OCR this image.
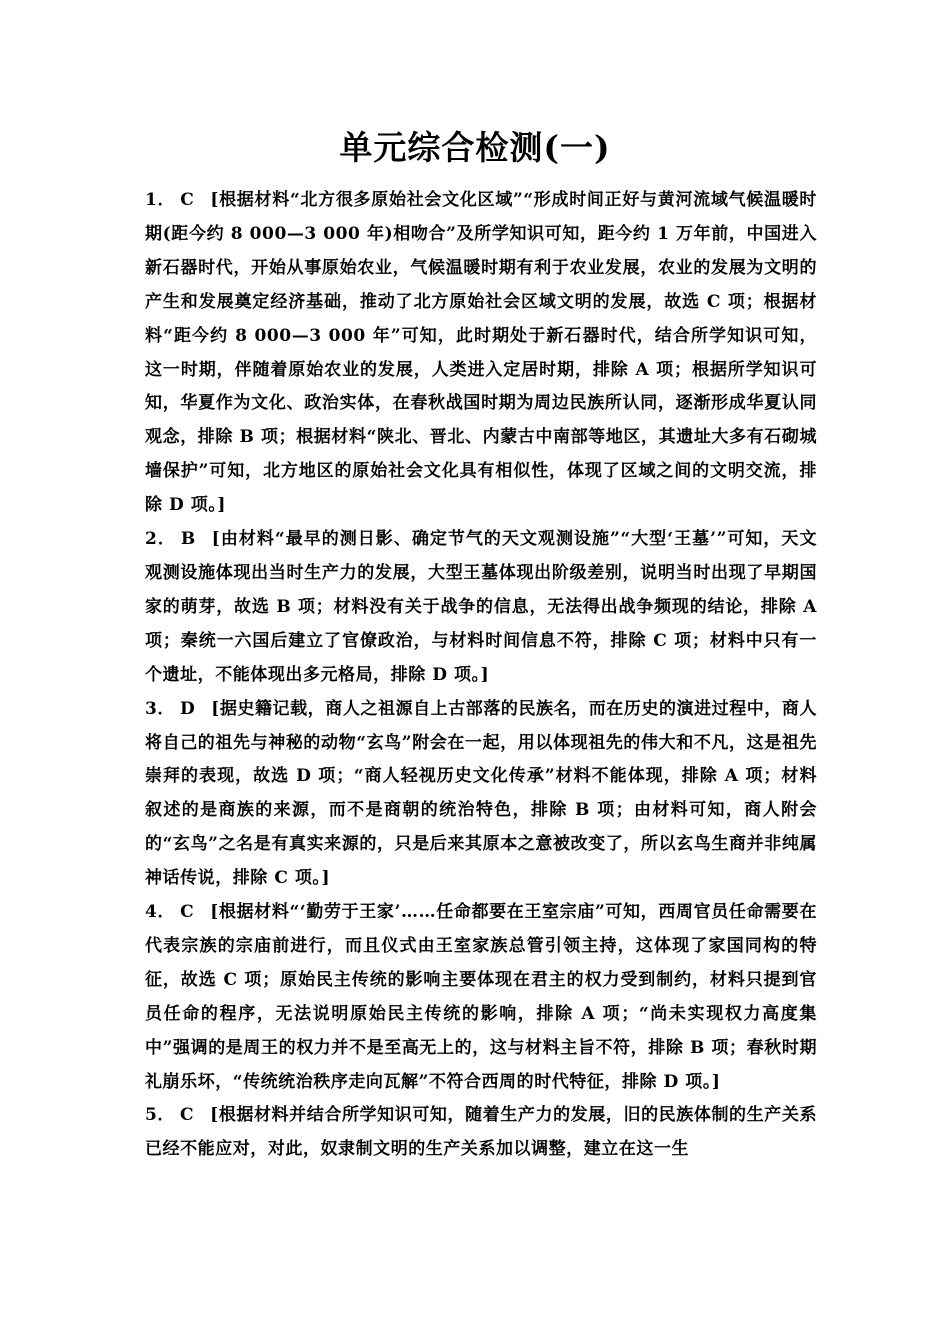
单元综合检测(一)

1． C [根据材料“北方很多原始社会文化区域”“形成时间正好与黄河流域气候温暖时期(距今约 8 000—3 000 年)相吻合”及所学知识可知，距今约 1 万年前，中国进入新石器时代，开始从事原始农业，气候温暖时期有利于农业发展，农业的发展为文明的产生和发展奠定经济基础，推动了北方原始社会区域文明的发展，故选 C 项；根据材料“距今约 8 000—3 000 年”可知，此时期处于新石器时代，结合所学知识可知，这一时期，伴随着原始农业的发展，人类进入定居时期，排除 A 项；根据所学知识可知，华夏作为文化、政治实体，在春秋战国时期为周边民族所认同，逐渐形成华夏认同观念，排除 B 项；根据材料“陕北、晋北、内蒙古中南部等地区，其遗址大多有石砌城墙保护”可知，北方地区的原始社会文化具有相似性，体现了区域之间的文明交流，排除 D 项。]

2． B [由材料“最早的测日影、确定节气的天文观测设施”“大型‘王墓’”可知，天文观测设施体现出当时生产力的发展，大型王墓体现出阶级差别，说明当时出现了早期国家的萌芽，故选 B 项；材料没有关于战争的信息，无法得出战争频现的结论，排除 A 项；秦统一六国后建立了官僚政治，与材料时间信息不符，排除 C 项；材料中只有一个遗址，不能体现出多元格局，排除 D 项。]

3． D [据史籍记载，商人之祖源自上古部落的民族名，而在历史的演进过程中，商人将自己的祖先与神秘的动物“玄鸟”附会在一起，用以体现祖先的伟大和不凡，这是祖先崇拜的表现，故选 D 项；“商人轻视历史文化传承”材料不能体现，排除 A 项；材料叙述的是商族的来源，而不是商朝的统治特色，排除 B 项；由材料可知，商人附会的“玄鸟”之名是有真实来源的，只是后来其原本之意被改变了，所以玄鸟生商并非纯属神话传说，排除 C 项。]

4． C [根据材料“‘勤劳于王家’……任命都要在王室宗庙”可知，西周官员任命需要在代表宗族的宗庙前进行，而且仪式由王室家族总管引领主持，这体现了家国同构的特征，故选 C 项；原始民主传统的影响主要体现在君主的权力受到制约，材料只提到官员任命的程序，无法说明原始民主传统的影响，排除 A 项；“尚未实现权力高度集中”强调的是周王的权力并不是至高无上的，这与材料主旨不符，排除 B 项；春秋时期礼崩乐坏，“传统统治秩序走向瓦解”不符合西周的时代特征，排除 D 项。]

5． C [根据材料并结合所学知识可知，随着生产力的发展，旧的民族体制的生产关系已经不能应对，对此，奴隶制文明的生产关系加以调整，建立在这一生
